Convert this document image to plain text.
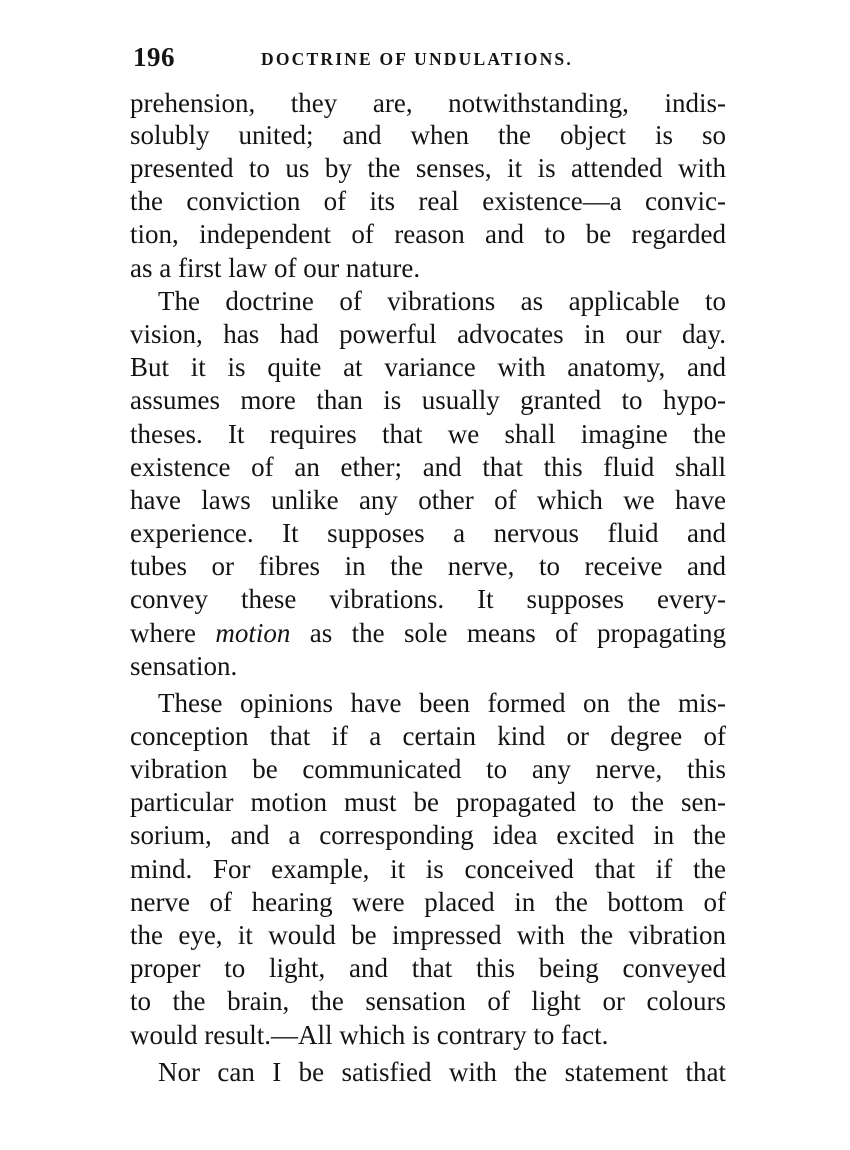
196	DOCTRINE OF UNDULATIONS.
prehension, they are, notwithstanding, indis-
solubly united; and when the object is so
presented to us by the senses, it is attended with
the conviction of its real existence—a convic-
tion, independent of reason and to be regarded
as a first law of our nature.
The doctrine of vibrations as applicable to
vision, has had powerful advocates in our day.
But it is quite at variance with anatomy, and
assumes more than is usually granted to hypo-
theses. It requires that we shall imagine the
existence of an ether; and that this fluid shall
have laws unlike any other of which we have
experience. It supposes a nervous fluid and
tubes or fibres in the nerve, to receive and
convey these vibrations. It supposes every-
where motion as the sole means of propagating
sensation.
These opinions have been formed on the mis-
conception that if a certain kind or degree of
vibration be communicated to any nerve, this
particular motion must be propagated to the sen-
sorium, and a corresponding idea excited in the
mind. For example, it is conceived that if the
nerve of hearing were placed in the bottom of
the eye, it would be impressed with the vibration
proper to light, and that this being conveyed
to the brain, the sensation of light or colours
would result.—All which is contrary to fact.
Nor can I be satisfied with the statement that
